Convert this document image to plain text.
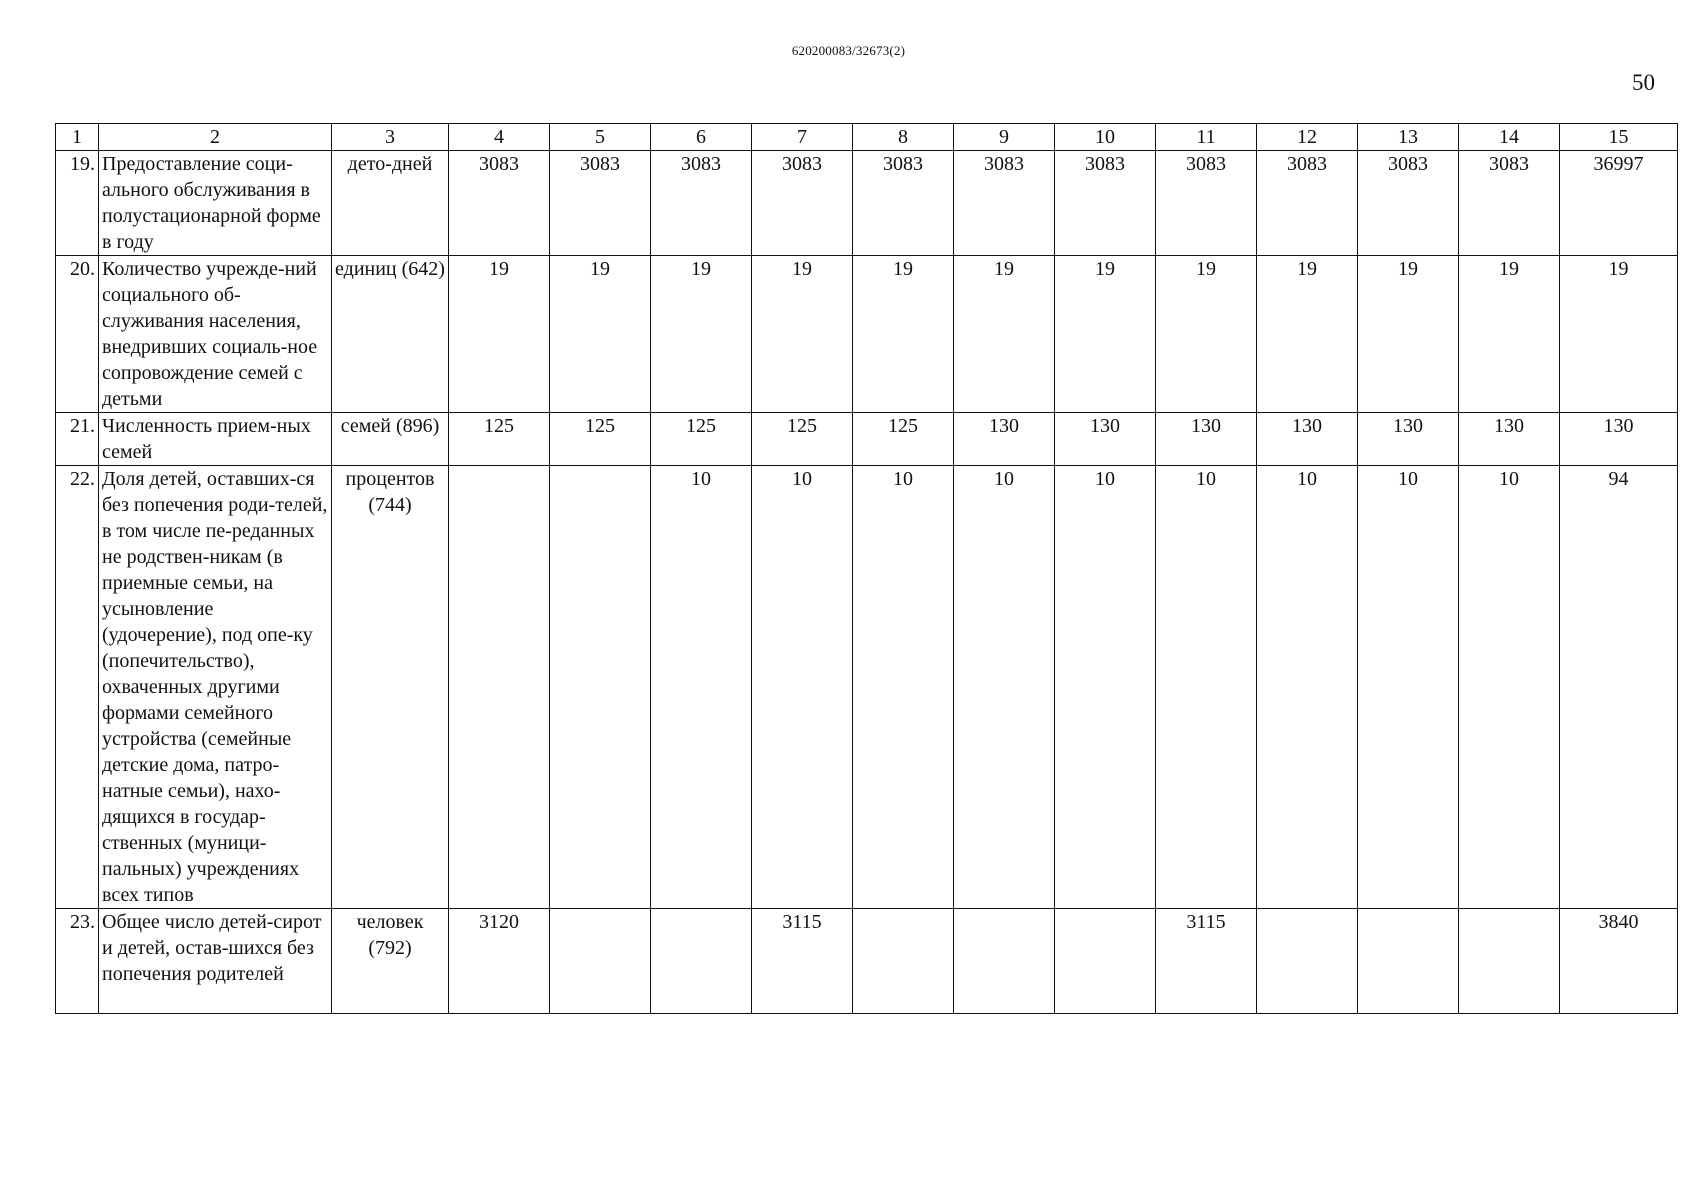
620200083/32673(2)
50
1	2	3	4	5	6	7	8	9	10	11	12	13	14	15
19.	Предоставление соци-ального обслуживания в полустационарной форме в году	дето-дней	3083	3083	3083	3083	3083	3083	3083	3083	3083	3083	3083	36997
20.	Количество учрежде-ний социального об-служивания населения, внедривших социаль-ное сопровождение семей с детьми	единиц (642)	19	19	19	19	19	19	19	19	19	19	19	19
21.	Численность прием-ных семей	семей (896)	125	125	125	125	125	130	130	130	130	130	130	130
22.	Доля детей, оставших-ся без попечения роди-телей, в том числе пе-реданных не родствен-никам (в приемные семьи, на усыновление (удочерение), под опе-ку (попечительство), охваченных другими формами семейного устройства (семейные детские дома, патро-натные семьи), нахо-дящихся в государ-ственных (муници-пальных) учреждениях всех типов	процентов (744)			10	10	10	10	10	10	10	10	10	94
23.	Общее число детей-сирот и детей, остав-шихся без попечения родителей	человек (792)	3120			3115				3115				3840
